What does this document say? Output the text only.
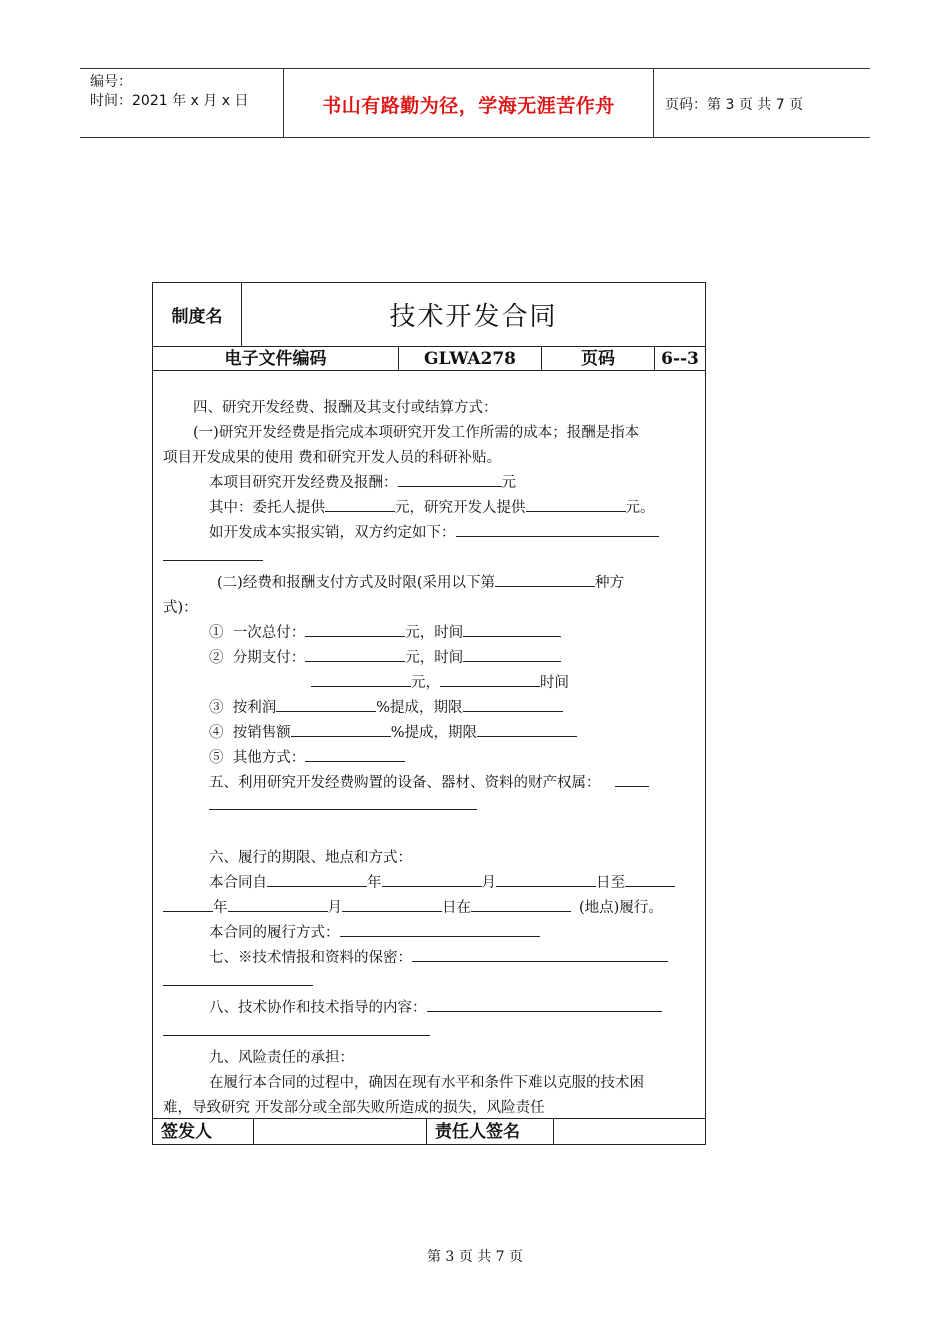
编号：
时间：2021 年 x 月 x 日	书山有路勤为径，学海无涯苦作舟	页码：第 3 页 共 7 页
制度名	技术开发合同
电子文件编码	GLWA278	页码	6--3
四、研究开发经费、报酬及其支付或结算方式：
(一)研究开发经费是指完成本项研究开发工作所需的成本；报酬是指本
项目开发成果的使用 费和研究开发人员的科研补贴。
本项目研究开发经费及报酬：	元
其中：委托人提供	元，研究开发人提供	元。
如开发成本实报实销，双方约定如下：
(二)经费和报酬支付方式及时限(采用以下第	种方
式)：
① 一次总付：	元，时间
② 分期支付：	元，时间
元，	时间
③ 按利润	%提成，期限
④ 按销售额	%提成，期限
⑤ 其他方式：
五、利用研究开发经费购置的设备、器材、资料的财产权属：
六、履行的期限、地点和方式：
本合同自	年	月	日至
年	月	日在	(地点)履行。
本合同的履行方式：
七、※技术情报和资料的保密：
八、技术协作和技术指导的内容：
九、风险责任的承担：
在履行本合同的过程中，确因在现有水平和条件下难以克服的技术困
难，导致研究 开发部分或全部失败所造成的损失，风险责任
签发人	责任人签名
第 3 页 共 7 页
